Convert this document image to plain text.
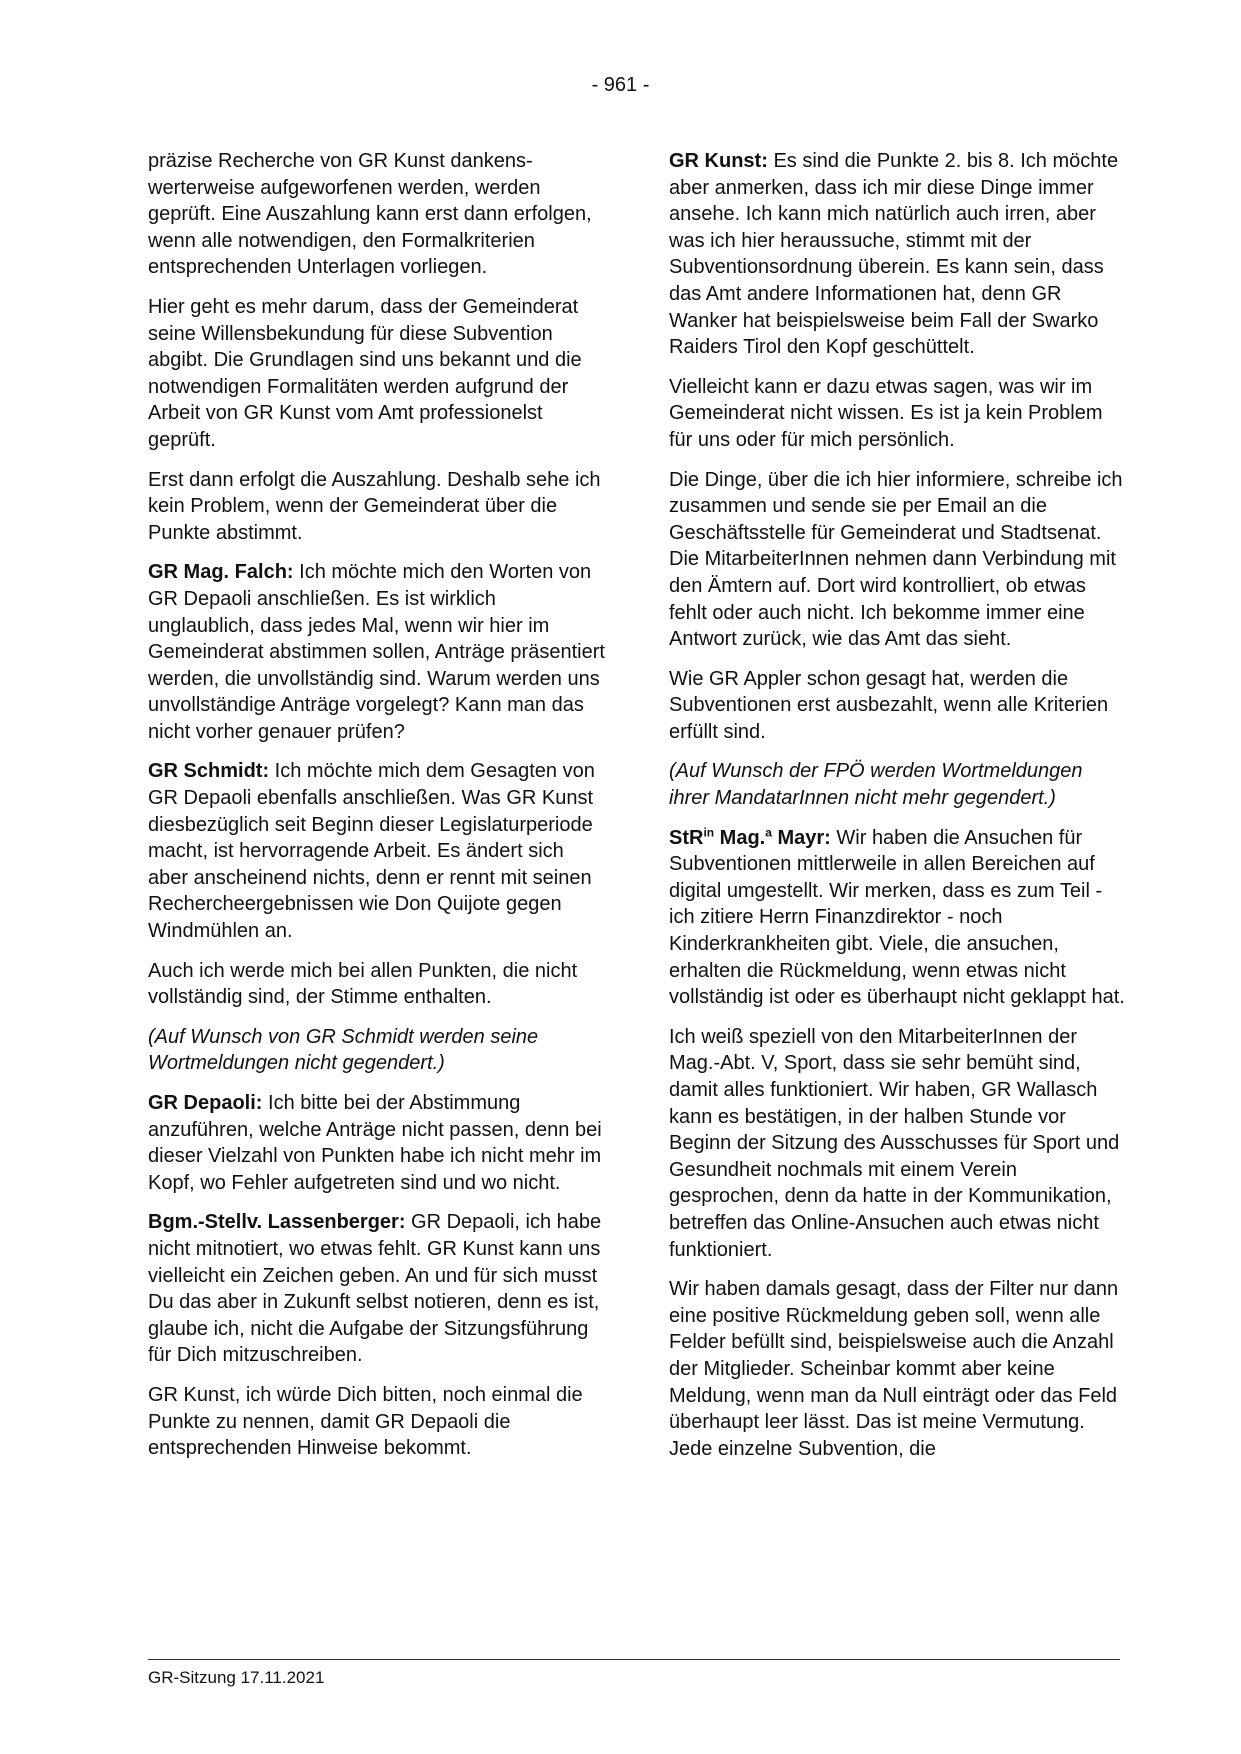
- 961 -

präzise Recherche von GR Kunst dankenswerterweise aufgeworfenen werden, werden geprüft. Eine Auszahlung kann erst dann erfolgen, wenn alle notwendigen, den Formalkriterien entsprechenden Unterlagen vorliegen.

Hier geht es mehr darum, dass der Gemeinderat seine Willensbekundung für diese Subvention abgibt. Die Grundlagen sind uns bekannt und die notwendigen Formalitäten werden aufgrund der Arbeit von GR Kunst vom Amt professionelst geprüft.

Erst dann erfolgt die Auszahlung. Deshalb sehe ich kein Problem, wenn der Gemeinderat über die Punkte abstimmt.

GR Mag. Falch: Ich möchte mich den Worten von GR Depaoli anschließen. Es ist wirklich unglaublich, dass jedes Mal, wenn wir hier im Gemeinderat abstimmen sollen, Anträge präsentiert werden, die unvollständig sind. Warum werden uns unvollständige Anträge vorgelegt? Kann man das nicht vorher genauer prüfen?

GR Schmidt: Ich möchte mich dem Gesagten von GR Depaoli ebenfalls anschließen. Was GR Kunst diesbezüglich seit Beginn dieser Legislaturperiode macht, ist hervorragende Arbeit. Es ändert sich aber anscheinend nichts, denn er rennt mit seinen Rechercheergebnissen wie Don Quijote gegen Windmühlen an.

Auch ich werde mich bei allen Punkten, die nicht vollständig sind, der Stimme enthalten.

(Auf Wunsch von GR Schmidt werden seine Wortmeldungen nicht gegendert.)

GR Depaoli: Ich bitte bei der Abstimmung anzuführen, welche Anträge nicht passen, denn bei dieser Vielzahl von Punkten habe ich nicht mehr im Kopf, wo Fehler aufgetreten sind und wo nicht.

Bgm.-Stellv. Lassenberger: GR Depaoli, ich habe nicht mitnotiert, wo etwas fehlt. GR Kunst kann uns vielleicht ein Zeichen geben. An und für sich musst Du das aber in Zukunft selbst notieren, denn es ist, glaube ich, nicht die Aufgabe der Sitzungsführung für Dich mitzuschreiben.

GR Kunst, ich würde Dich bitten, noch einmal die Punkte zu nennen, damit GR Depaoli die entsprechenden Hinweise bekommt.

GR Kunst: Es sind die Punkte 2. bis 8. Ich möchte aber anmerken, dass ich mir diese Dinge immer ansehe. Ich kann mich natürlich auch irren, aber was ich hier heraussuche, stimmt mit der Subventionsordnung überein. Es kann sein, dass das Amt andere Informationen hat, denn GR Wanker hat beispielsweise beim Fall der Swarko Raiders Tirol den Kopf geschüttelt.

Vielleicht kann er dazu etwas sagen, was wir im Gemeinderat nicht wissen. Es ist ja kein Problem für uns oder für mich persönlich.

Die Dinge, über die ich hier informiere, schreibe ich zusammen und sende sie per Email an die Geschäftsstelle für Gemeinderat und Stadtsenat. Die MitarbeiterInnen nehmen dann Verbindung mit den Ämtern auf. Dort wird kontrolliert, ob etwas fehlt oder auch nicht. Ich bekomme immer eine Antwort zurück, wie das Amt das sieht.

Wie GR Appler schon gesagt hat, werden die Subventionen erst ausbezahlt, wenn alle Kriterien erfüllt sind.

(Auf Wunsch der FPÖ werden Wortmeldungen ihrer MandatarInnen nicht mehr gegendert.)

StR$^{in}$ Mag.$^a$ Mayr: Wir haben die Ansuchen für Subventionen mittlerweile in allen Bereichen auf digital umgestellt. Wir merken, dass es zum Teil - ich zitiere Herrn Finanzdirektor - noch Kinderkrankheiten gibt. Viele, die ansuchen, erhalten die Rückmeldung, wenn etwas nicht vollständig ist oder es überhaupt nicht geklappt hat.

Ich weiß speziell von den MitarbeiterInnen der Mag.-Abt. V, Sport, dass sie sehr bemüht sind, damit alles funktioniert. Wir haben, GR Wallasch kann es bestätigen, in der halben Stunde vor Beginn der Sitzung des Ausschusses für Sport und Gesundheit nochmals mit einem Verein gesprochen, denn da hatte in der Kommunikation, betreffen das Online-Ansuchen auch etwas nicht funktioniert.

Wir haben damals gesagt, dass der Filter nur dann eine positive Rückmeldung geben soll, wenn alle Felder befüllt sind, beispielsweise auch die Anzahl der Mitglieder. Scheinbar kommt aber keine Meldung, wenn man da Null einträgt oder das Feld überhaupt leer lässt. Das ist meine Vermutung. Jede einzelne Subvention, die

GR-Sitzung 17.11.2021
